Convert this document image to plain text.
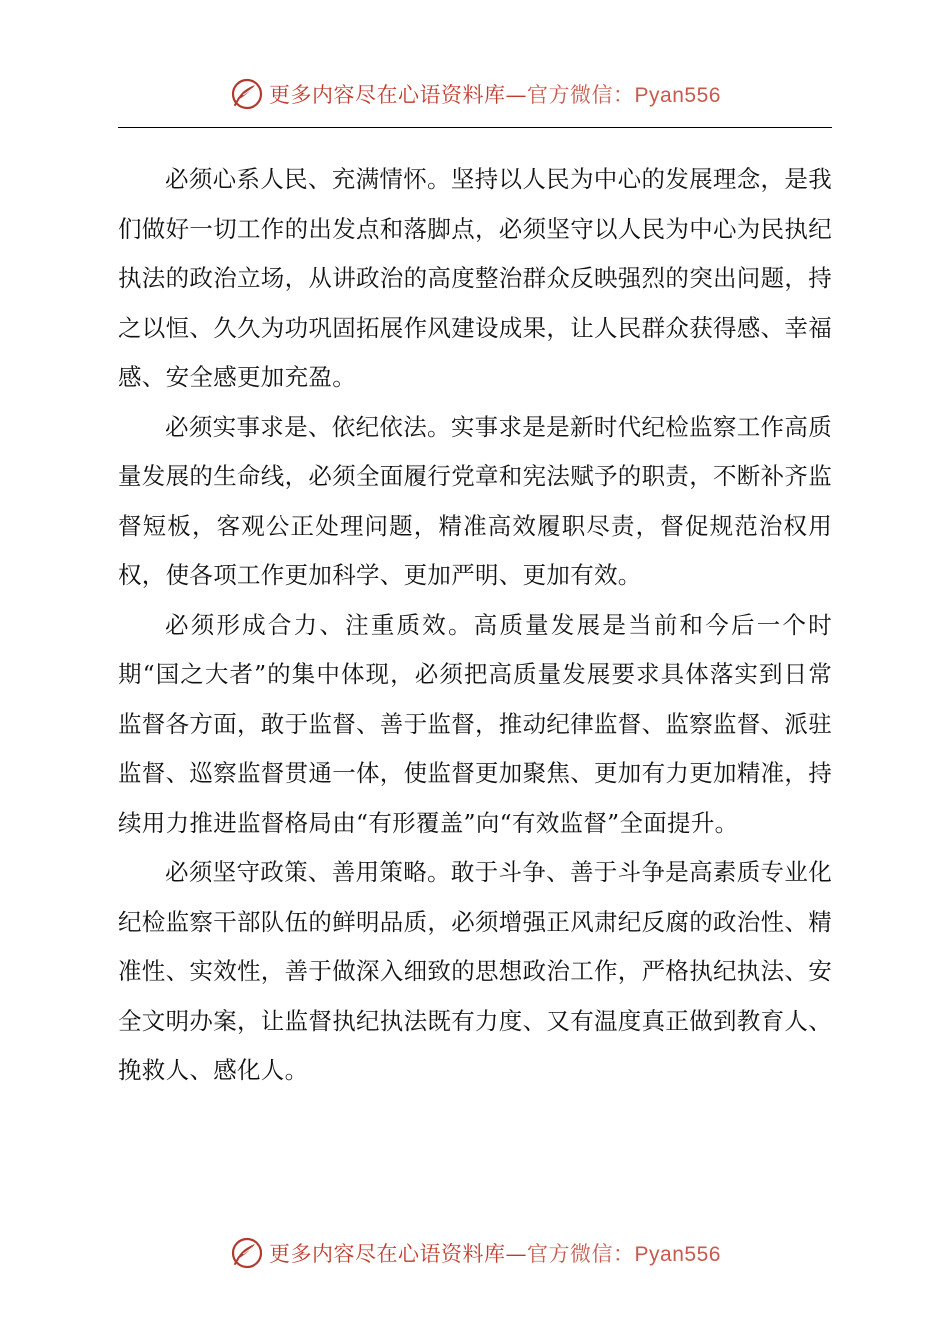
更多内容尽在心语资料库—官方微信：Pyan556

必须心系人民、充满情怀。坚持以人民为中心的发展理念，是我们做好一切工作的出发点和落脚点，必须坚守以人民为中心为民执纪执法的政治立场，从讲政治的高度整治群众反映强烈的突出问题，持之以恒、久久为功巩固拓展作风建设成果，让人民群众获得感、幸福感、安全感更加充盈。

必须实事求是、依纪依法。实事求是是新时代纪检监察工作高质量发展的生命线，必须全面履行党章和宪法赋予的职责，不断补齐监督短板，客观公正处理问题，精准高效履职尽责，督促规范治权用权，使各项工作更加科学、更加严明、更加有效。

必须形成合力、注重质效。高质量发展是当前和今后一个时期“国之大者”的集中体现，必须把高质量发展要求具体落实到日常监督各方面，敢于监督、善于监督，推动纪律监督、监察监督、派驻监督、巡察监督贯通一体，使监督更加聚焦、更加有力更加精准，持续用力推进监督格局由“有形覆盖”向“有效监督”全面提升。

必须坚守政策、善用策略。敢于斗争、善于斗争是高素质专业化纪检监察干部队伍的鲜明品质，必须增强正风肃纪反腐的政治性、精准性、实效性，善于做深入细致的思想政治工作，严格执纪执法、安全文明办案，让监督执纪执法既有力度、又有温度真正做到教育人、挽救人、感化人。

更多内容尽在心语资料库—官方微信：Pyan556
